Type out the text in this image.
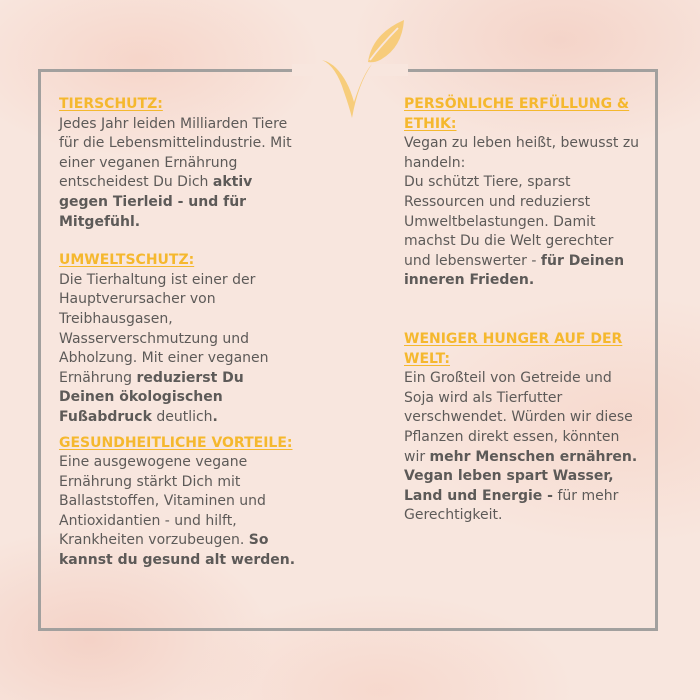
TIERSCHUTZ:
Jedes Jahr leiden Milliarden Tiere für die Lebensmittelindustrie. Mit einer veganen Ernährung entscheidest Du Dich aktiv gegen Tierleid - und für Mitgefühl.
UMWELTSCHUTZ:
Die Tierhaltung ist einer der Hauptverursacher von Treibhausgasen, Wasserverschmutzung und Abholzung. Mit einer veganen Ernährung reduzierst Du Deinen ökologischen Fußabdruck deutlich.
GESUNDHEITLICHE VORTEILE:
Eine ausgewogene vegane Ernährung stärkt Dich mit Ballaststoffen, Vitaminen und Antioxidantien - und hilft, Krankheiten vorzubeugen. So kannst du gesund alt werden.
PERSÖNLICHE ERFÜLLUNG & ETHIK:
Vegan zu leben heißt, bewusst zu handeln:
Du schützt Tiere, sparst Ressourcen und reduzierst Umweltbelastungen. Damit machst Du die Welt gerechter und lebenswerter - für Deinen inneren Frieden.
WENIGER HUNGER AUF DER WELT:
Ein Großteil von Getreide und Soja wird als Tierfutter verschwendet. Würden wir diese Pflanzen direkt essen, könnten wir mehr Menschen ernähren. Vegan leben spart Wasser, Land und Energie - für mehr Gerechtigkeit.
